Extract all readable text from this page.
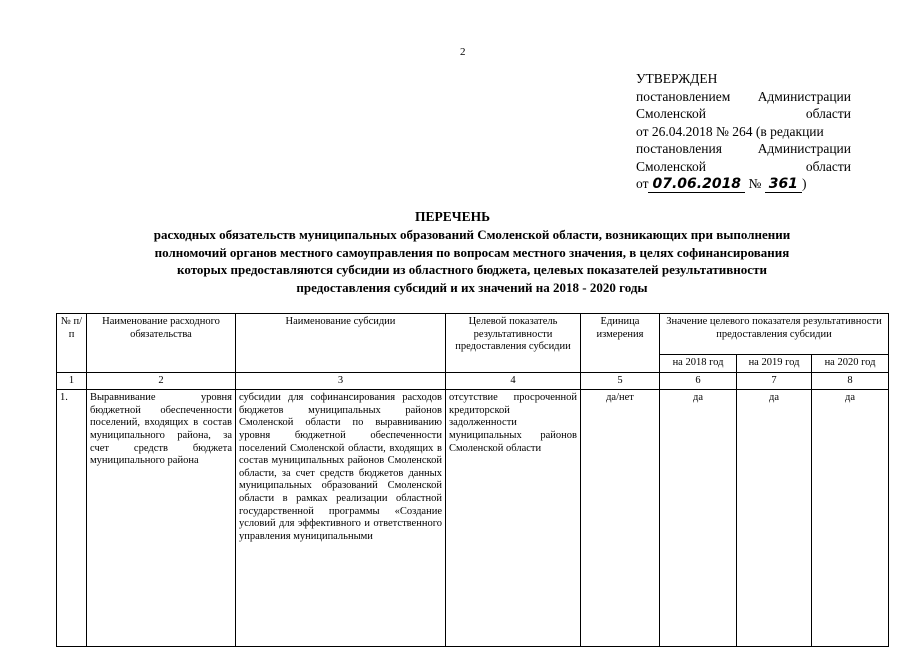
2
УТВЕРЖДЕН
постановлением Администрации
Смоленской	области
от 26.04.2018 № 264 (в редакции
постановления	Администрации
Смоленской	области
от 07.06.2018 № 361 )
ПЕРЕЧЕНЬ
расходных обязательств муниципальных образований Смоленской области, возникающих при выполнении
полномочий органов местного самоуправления по вопросам местного значения, в целях софинансирования
которых предоставляются субсидии из областного бюджета, целевых показателей результативности
предоставления субсидий и их значений на 2018 - 2020 годы
№ п/п	Наименование расходного обязательства	Наименование субсидии	Целевой показатель результативности предоставления субсидии	Единица измерения	Значение целевого показателя результативности предоставления субсидии		
					на 2018 год	на 2019 год	на 2020 год
1	2	3	4	5	6	7	8
1.	Выравнивание уровня бюджетной обеспеченности поселений, входящих в состав муниципального района, за счет средств бюджета муниципального района	субсидии для софинансирования расходов бюджетов муниципальных районов Смоленской области по выравниванию уровня бюджетной обеспеченности поселений Смоленской области, входящих в состав муниципальных районов Смоленской области, за счет средств бюджетов данных муниципальных образований Смоленской области в рамках реализации областной государственной программы «Создание условий для эффективного и ответственного управления муниципальными	отсутствие просроченной кредиторской задолженности муниципальных районов Смоленской области	да/нет	да	да	да
